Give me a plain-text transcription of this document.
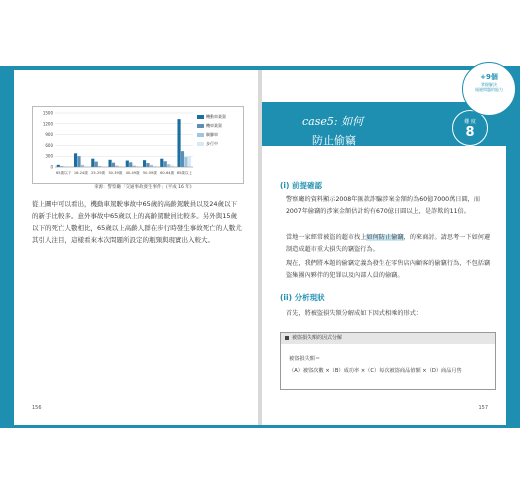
1500
1200
900
600
300
0
65歲以下 16-24歲 25-29歲 30-39歲 40-49歲 50-59歲 60-64歲 65歲以上
機動車業駕
機車業駕
騎腳車
步行中
來源：警察廳「交通事故發生事件」(平成 16 年)
從上圖中可以看出，機動車駕駛事故中65歲的高齡駕駛員以及24歲以下的新手比較多。意外事故中65歲以上的高齡駕駛員比較多。另外與15歲以下的死亡人數相比，65歲以上高齡人群在步行時發生事故死亡的人數尤其引人注目，這樣看來本次問題所設定的瓶頸與現實出入較大。
156
case5: 如何
防止偷竊
難 度
8
+9個
掌握解決
規避問題的能力
(i) 前提確認
警察廳的資料顯示2008年匯款詐騙涉案金額約為60億7000萬日圓，而2007年偷竊的涉案金額估計約有670億日圓以上，是詐欺的11倍。
當地一家經常被盜的超市找上如何防止偷竊，的來商討。請思考一下如何避制造成超市重大損失的竊盜行為。
現在，我們將本題的偷竊定義為發生在零售店內顧客的偷竊行為，不包括竊盜集團內夥伴的犯罪以及內部人員的偷竊。
(ii) 分析現狀
首先，將被盜損失額分解成如下因式相乘的形式：
被盜損失額的因式分解
被盜損失額＝
（A）被盜次數 ×（B）成功率 ×（C）每次被盜商品值額 ×（D）商品月售
157
